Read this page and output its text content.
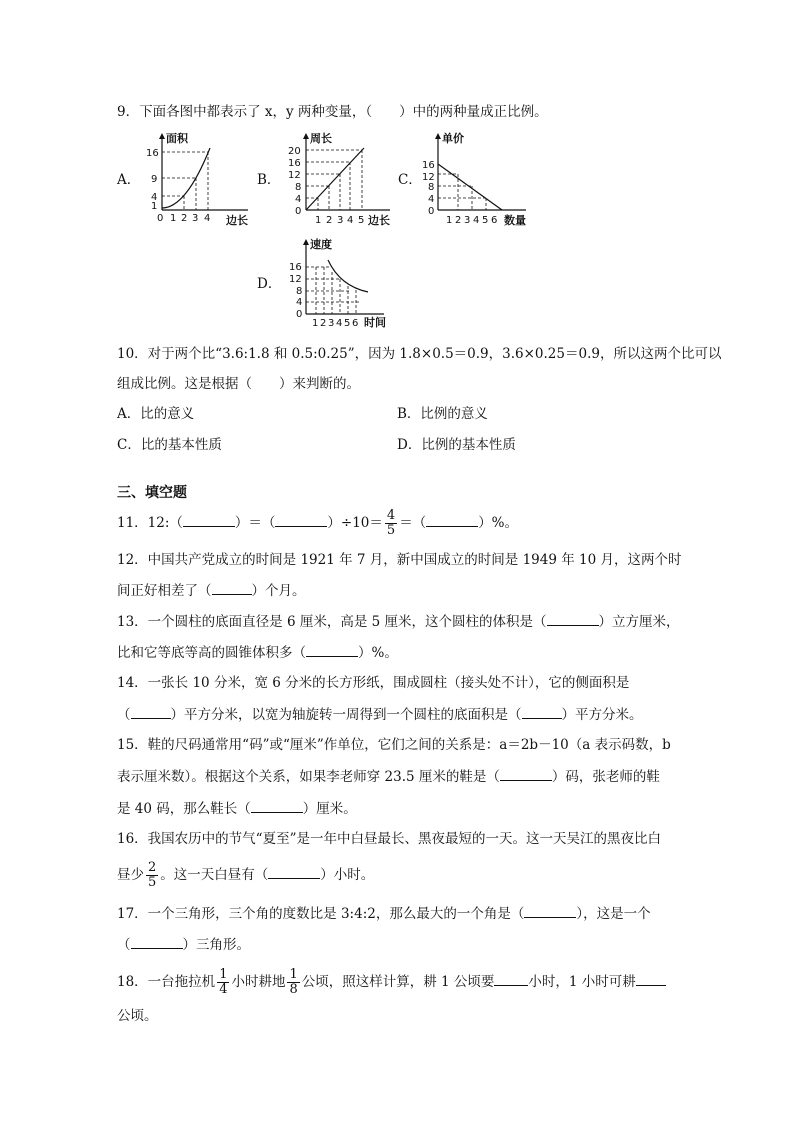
9．下面各图中都表示了 x，y 两种变量，（　　）中的两种量成正比例。
A．
面积
边长
16
9
4
1
0 1 2 3 4
B．
周长
边长
20
16
12
8
4
0
1 2 3 4 5
C．
单价
数量
16
12
8
4
0
1 2 3 4 5 6
D．
速度
时间
16
12
8
4
0
1 2 3 4 5 6
10．对于两个比“3.6:1.8 和 0.5:0.25”，因为 1.8×0.5＝0.9，3.6×0.25＝0.9，所以这两个比可以
组成比例。这是根据（　　）来判断的。
A．比的意义	B．比例的意义
C．比的基本性质	D．比例的基本性质
三、填空题
11．12:（	）＝（	）$\div 10= \frac{4}{5}$ ＝（	）%。
12．中国共产党成立的时间是 1921 年 7 月，新中国成立的时间是 1949 年 10 月，这两个时
间正好相差了（	）个月。
13．一个圆柱的底面直径是 6 厘米，高是 5 厘米，这个圆柱的体积是（	）立方厘米，
比和它等底等高的圆锥体积多（	）%。
14．一张长 10 分米，宽 6 分米的长方形纸，围成圆柱（接头处不计），它的侧面积是
（	）平方分米，以宽为轴旋转一周得到一个圆柱的底面积是（	）平方分米。
15．鞋的尺码通常用“码”或“厘米”作单位，它们之间的关系是：a＝2b－10（a 表示码数，b
表示厘米数）。根据这个关系，如果李老师穿 23.5 厘米的鞋是（	）码，张老师的鞋
是 40 码，那么鞋长（	）厘米。
16．我国农历中的节气“夏至”是一年中白昼最长、黑夜最短的一天。这一天吴江的黑夜比白
昼少 $\frac{2}{5}$ 。这一天白昼有（	）小时。
17．一个三角形，三个角的度数比是 3:4:2，那么最大的一个角是（	），这是一个
（	）三角形。
18．一台拖拉机 $\frac{1}{4}$ 小时耕地 $\frac{1}{8}$ 公顷，照这样计算，耕 1 公顷要	小时，1 小时可耕
公顷。
